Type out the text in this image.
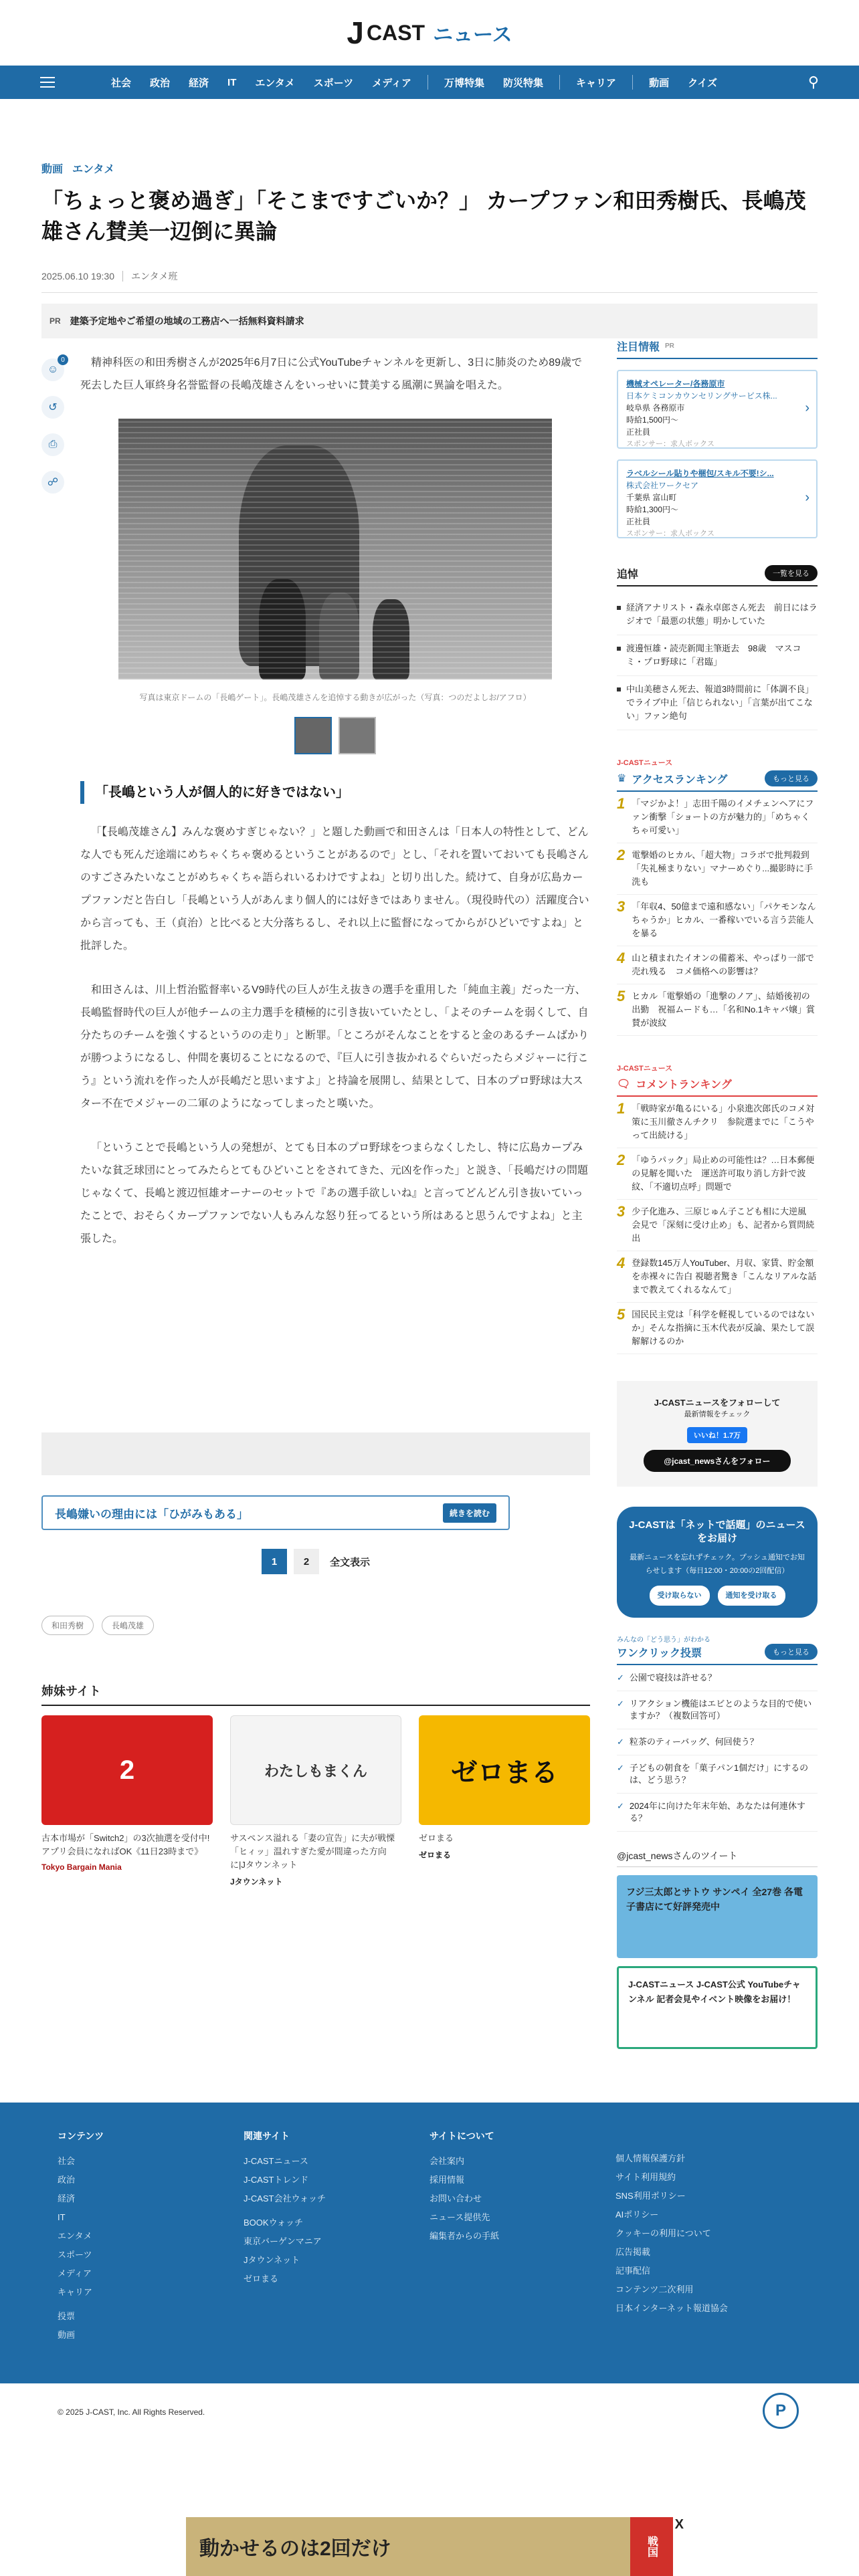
J CAST ニュース
社会	政治	経済	IT	エンタメ	スポーツ	メディア	万博特集	防災特集	キャリア	動画	クイズ	⚲
動画 エンタメ
「ちょっと褒め過ぎ」「そこまですごいか？」 カープファン和田秀樹氏、長嶋茂雄さん賛美一辺倒に異論
2025.06.10 19:30 エンタメ班
PR 建築予定地やご希望の地域の工務店へ一括無料資料請求
☺
0
↺
⎙
☍

精神科医の和田秀樹さんが2025年6月7日に公式YouTubeチャンネルを更新し、3日に肺炎のため89歳で死去した巨人軍終身名誉監督の長嶋茂雄さんをいっせいに賛美する風潮に異論を唱えた。

写真は東京ドームの「長嶋ゲート」。長嶋茂雄さんを追悼する動きが広がった（写真：つのだよしお/アフロ）
「長嶋という人が個人的に好きではない」

「【長嶋茂雄さん】みんな褒めすぎじゃない？」と題した動画で和田さんは「日本人の特性として、どんな人でも死んだ途端にめちゃくちゃ褒めるということがあるので」とし、「それを置いておいても長嶋さんのすごさみたいなことがめちゃくちゃ語られいるわけですよね」と切り出した。続けて、自身が広島カープファンだと告白し「長嶋という人があんまり個人的には好きではありません。（現役時代の）活躍度合いから言っても、王（貞治）と比べると大分落ちるし、それ以上に監督になってからがひどいですよね」と批評した。

和田さんは、川上哲治監督率いるV9時代の巨人が生え抜きの選手を重用した「純血主義」だった一方、長嶋監督時代の巨人が他チームの主力選手を積極的に引き抜いていたとし、「よそのチームを弱くして、自分たちのチームを強くするというのの走り」と断罪。「ところがそんなことをすると金のあるチームばかりが勝つようになるし、仲間を裏切ることになるので、『巨人に引き抜かれるぐらいだったらメジャーに行こう』という流れを作った人が長嶋だと思いますよ」と持論を展開し、結果として、日本のプロ野球は大スター不在でメジャーの二軍のようになってしまったと嘆いた。

「ということで長嶋という人の発想が、とても日本のプロ野球をつまらなくしたし、特に広島カープみたいな貧乏球団にとってみたらとてもひどいことをされてきた、元凶を作った」と説き、「長嶋だけの問題じゃなくて、長嶋と渡辺恒雄オーナーのセットで『あの選手欲しいね』と言ってどんどん引き抜いていったことで、おそらくカープファンでない人もみんな怒り狂ってるという所はあると思うんですよね」と主張した。

長嶋嫌いの理由には「ひがみもある」	続きを読む
1	2	全文表示
和田秀樹	長嶋茂雄
姉妹サイト
2
古本市場が「Switch2」の3次抽選を受付中!アプリ会員になればOK《11日23時まで》
Tokyo Bargain Mania
わたしもまくん
サスペンス溢れる「妻の宣告」に夫が戦慄「ヒィッ」温れすぎた愛が間違った方向に|Jタウンネット
Jタウンネット
ゼロまる
ゼロまる
ゼロまる
注目情報 PR
機械オペレーター/各務原市
日本ケミコンカウンセリングサービス株...
岐阜県 各務原市
時給1,500円〜
正社員
スポンサー：求人ボックス
›
ラベルシール貼りや梱包/スキル不要!シ...
株式会社ワークセア
千葉県 富山町
時給1,300円〜
正社員
スポンサー：求人ボックス
›
追悼	一覧を見る
経済アナリスト・森永卓郎さん死去　前日にはラジオで「最悪の状態」明かしていた
渡邊恒雄・読売新聞主筆逝去　98歳　マスコミ・プロ野球に「君臨」
中山美穂さん死去、報道3時間前に「体調不良」でライブ中止「信じられない」「言葉が出てこない」ファン絶句
J-CASTニュース
♛ アクセスランキング	もっと見る
1 「マジかよ！」志田千陽のイメチェンヘアにファン衝撃「ショートの方が魅力的」「めちゃくちゃ可愛い」
2 電撃婚のヒカル、「超大物」コラボで批判殺到「失礼極まりない」マナーめぐり...撮影時に手洗も
3 「年収4、50億まで遠和感ない」「パケモンなんちゃうか」ヒカル、一番稼いでいる言う芸能人を暴る
4 山と積まれたイオンの備蓄米、やっぱり一部で売れ残る　コメ価格への影響は？
5 ヒカル「電撃婚の「進撃のノア」、結婚後初の出勤　祝福ムードも…「名和No.1キャバ嬢」賞賛が波紋
J-CASTニュース
🗨 コメントランキング
1 「戦時家が亀るにいる」小泉進次郎氏のコメ対策に玉川徹さんチクリ　参院選までに「こうやって出続ける」
2 「ゆうパック」局止めの可能性は？…日本郵便の見解を聞いた　運送許可取り消し方針で波紋、「不適切点呼」問題で
3 少子化進み、三原じゅん子こども相に大逆風　会見で「深刻に受け止め」も、記者から質問続出
4 登録数145万人YouTuber、月収、家賃、貯金額を赤裸々に告白 視聴者驚き「こんなリアルな話まで教えてくれるなんて」
5 国民民主党は「科学を軽視しているのではないか」そんな指摘に玉木代表が反論、果たして誤解解けるのか
J-CASTニュースをフォローして
最新情報をチェック
いいね！1.7万
@jcast_newsさんをフォロー
J-CASTは「ネットで話題」のニュースをお届け
最新ニュースを忘れずチェック。プッシュ通知でお知らせします（毎日12:00・20:00の2回配信）
受け取らない	通知を受け取る
みんなの「どう思う」がわかる
ワンクリック投票	もっと見る
✓ 公園で寝技は許せる？
✓ リアクション機能はエビとのような目的で使いますか？（複数回答可）
✓ 粒茶のティーバッグ、何回使う？
✓ 子どもの朝食を「菓子パン1個だけ」にするのは、どう思う？
✓ 2024年に向けた年末年始、あなたは何連休する？
@jcast_newsさんのツイート
フジ三太郎とサトウ サンペイ 全27巻 各電子書店にて好評発売中
J-CASTニュース J-CAST公式 YouTubeチャンネル 記者会見やイベント映像をお届け！
コンテンツ
社会
政治
経済
IT
エンタメ
スポーツ
メディア
キャリア
投票
動画
関連サイト
J-CASTニュース
J-CASTトレンド
J-CAST会社ウォッチ
BOOKウォッチ
東京バーゲンマニア
Jタウンネット
ゼロまる
サイトについて
会社案内
採用情報
お問い合わせ
ニュース提供先
編集者からの手紙

個人情報保護方針
サイト利用規約
SNS利用ポリシー
AIポリシー
クッキーの利用について
広告掲載
記事配信
コンテンツ二次利用
日本インターネット報道協会
© 2025 J-CAST, Inc. All Rights Reserved.	P
動かせるのは2回だけ	戦国
X
